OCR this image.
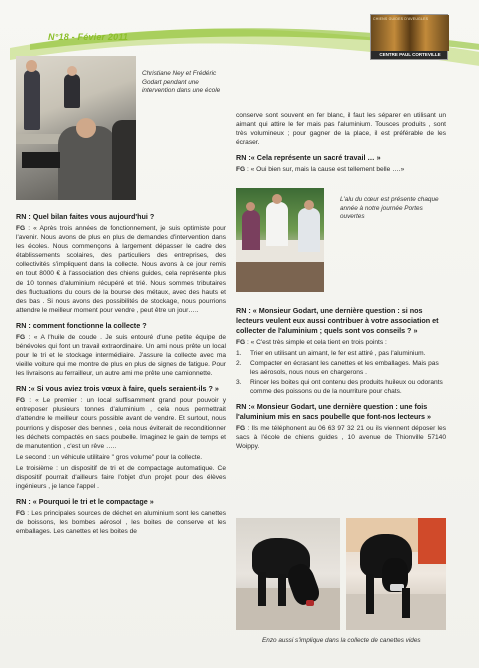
N°18 - Févier 2011
CHIENS GUIDES D'AVEUGLES
CENTRE PAUL CORTEVILLE
Christiane Ney et Frédéric Godart pendant une intervention dans une école

conserve sont souvent en fer blanc, il faut les séparer en utilisant un aimant qui attire le fer mais pas l'aluminium. Tousces produits , sont très volumineux ; pour gagner de la place, il est préférable de les écraser.

RN :« Cela représente un sacré travail … »

FG : « Oui bien sur, mais la cause est tellement belle ….»

L'alu du cœur est présente chaque année à notre journée Portes ouvertes
RN : Quel bilan faites vous aujourd'hui ?

FG : « Après trois années de fonctionnement, je suis optimiste pour l'avenir. Nous avons de plus en plus de demandes d'intervention dans les écoles. Nous commençons à largement dépasser le cadre des établissements scolaires, des particuliers des entreprises, des collectivités s'impliquent dans la collecte. Nous avons à ce jour remis en tout 8000 € à l'association des chiens guides, cela représente plus de 10 tonnes d'aluminium récupéré et trié. Nous sommes tributaires des fluctuations du cours de la bourse des métaux, avec des hauts et des bas . Si nous avons des possibilités de stockage, nous pourrions attendre le meilleur moment pour vendre , peut être un jour…..

RN : comment fonctionne la collecte ?

FG : « A l'huile de coude . Je suis entouré d'une petite équipe de bénévoles qui font un travail extraordinaire. Un ami nous prête un local pour le tri et le stockage intermédiaire. J'assure la collecte avec ma vieille voiture qui me montre de plus en plus de signes de fatigue. Pour les livraisons au ferrailleur, un autre ami me prête une camionnette.

RN :« Si vous aviez trois vœux à faire, quels seraient-ils ? »

FG : « Le premier : un local suffisamment grand pour pouvoir y entreposer plusieurs tonnes d'aluminium , cela nous permettrait d'attendre le meilleur cours possible avant de vendre. Et surtout, nous pourrions y disposer des bennes , cela nous éviterait de reconditionner les déchets compactés en sacs poubelle. Imaginez le gain de temps et de manutention , c'est un rêve …..

Le second : un véhicule utilitaire " gros volume" pour la collecte.

Le troisième : un dispositif de tri et de compactage automatique. Ce dispositif pourrait d'ailleurs faire l'objet d'un projet pour des élèves ingénieurs , je lance l'appel .

RN : « Pourquoi le tri et le compactage »

FG : Les principales sources de déchet en aluminium sont les canettes de boissons, les bombes aérosol , les boites de conserve et les emballages. Les canettes et les boites de

RN : « Monsieur Godart, une dernière question : si nos lecteurs veulent eux aussi contribuer à votre association et collecter de l'aluminium ; quels sont vos conseils ? »

FG : « C'est très simple et cela tient en trois points :

1.	Trier en utilisant un aimant, le fer est attiré , pas l'aluminium.
2.	Compacter en écrasant les canettes et les emballages. Mais pas les aérosols, nous nous en chargerons .
3.	Rincer les boites qui ont contenu des produits huileux ou odorants comme des poissons ou de la nourriture pour chats.
RN :« Monsieur Godart, une dernière question : une fois l'aluminium mis en sacs poubelle que font-nos lecteurs »

FG : Ils me téléphonent au 06 63 97 32 21 ou ils viennent déposer les sacs à l'école de chiens guides , 10 avenue de Thionville 57140 Woippy.

Enzo aussi s'implique dans la collecte de canettes vides
